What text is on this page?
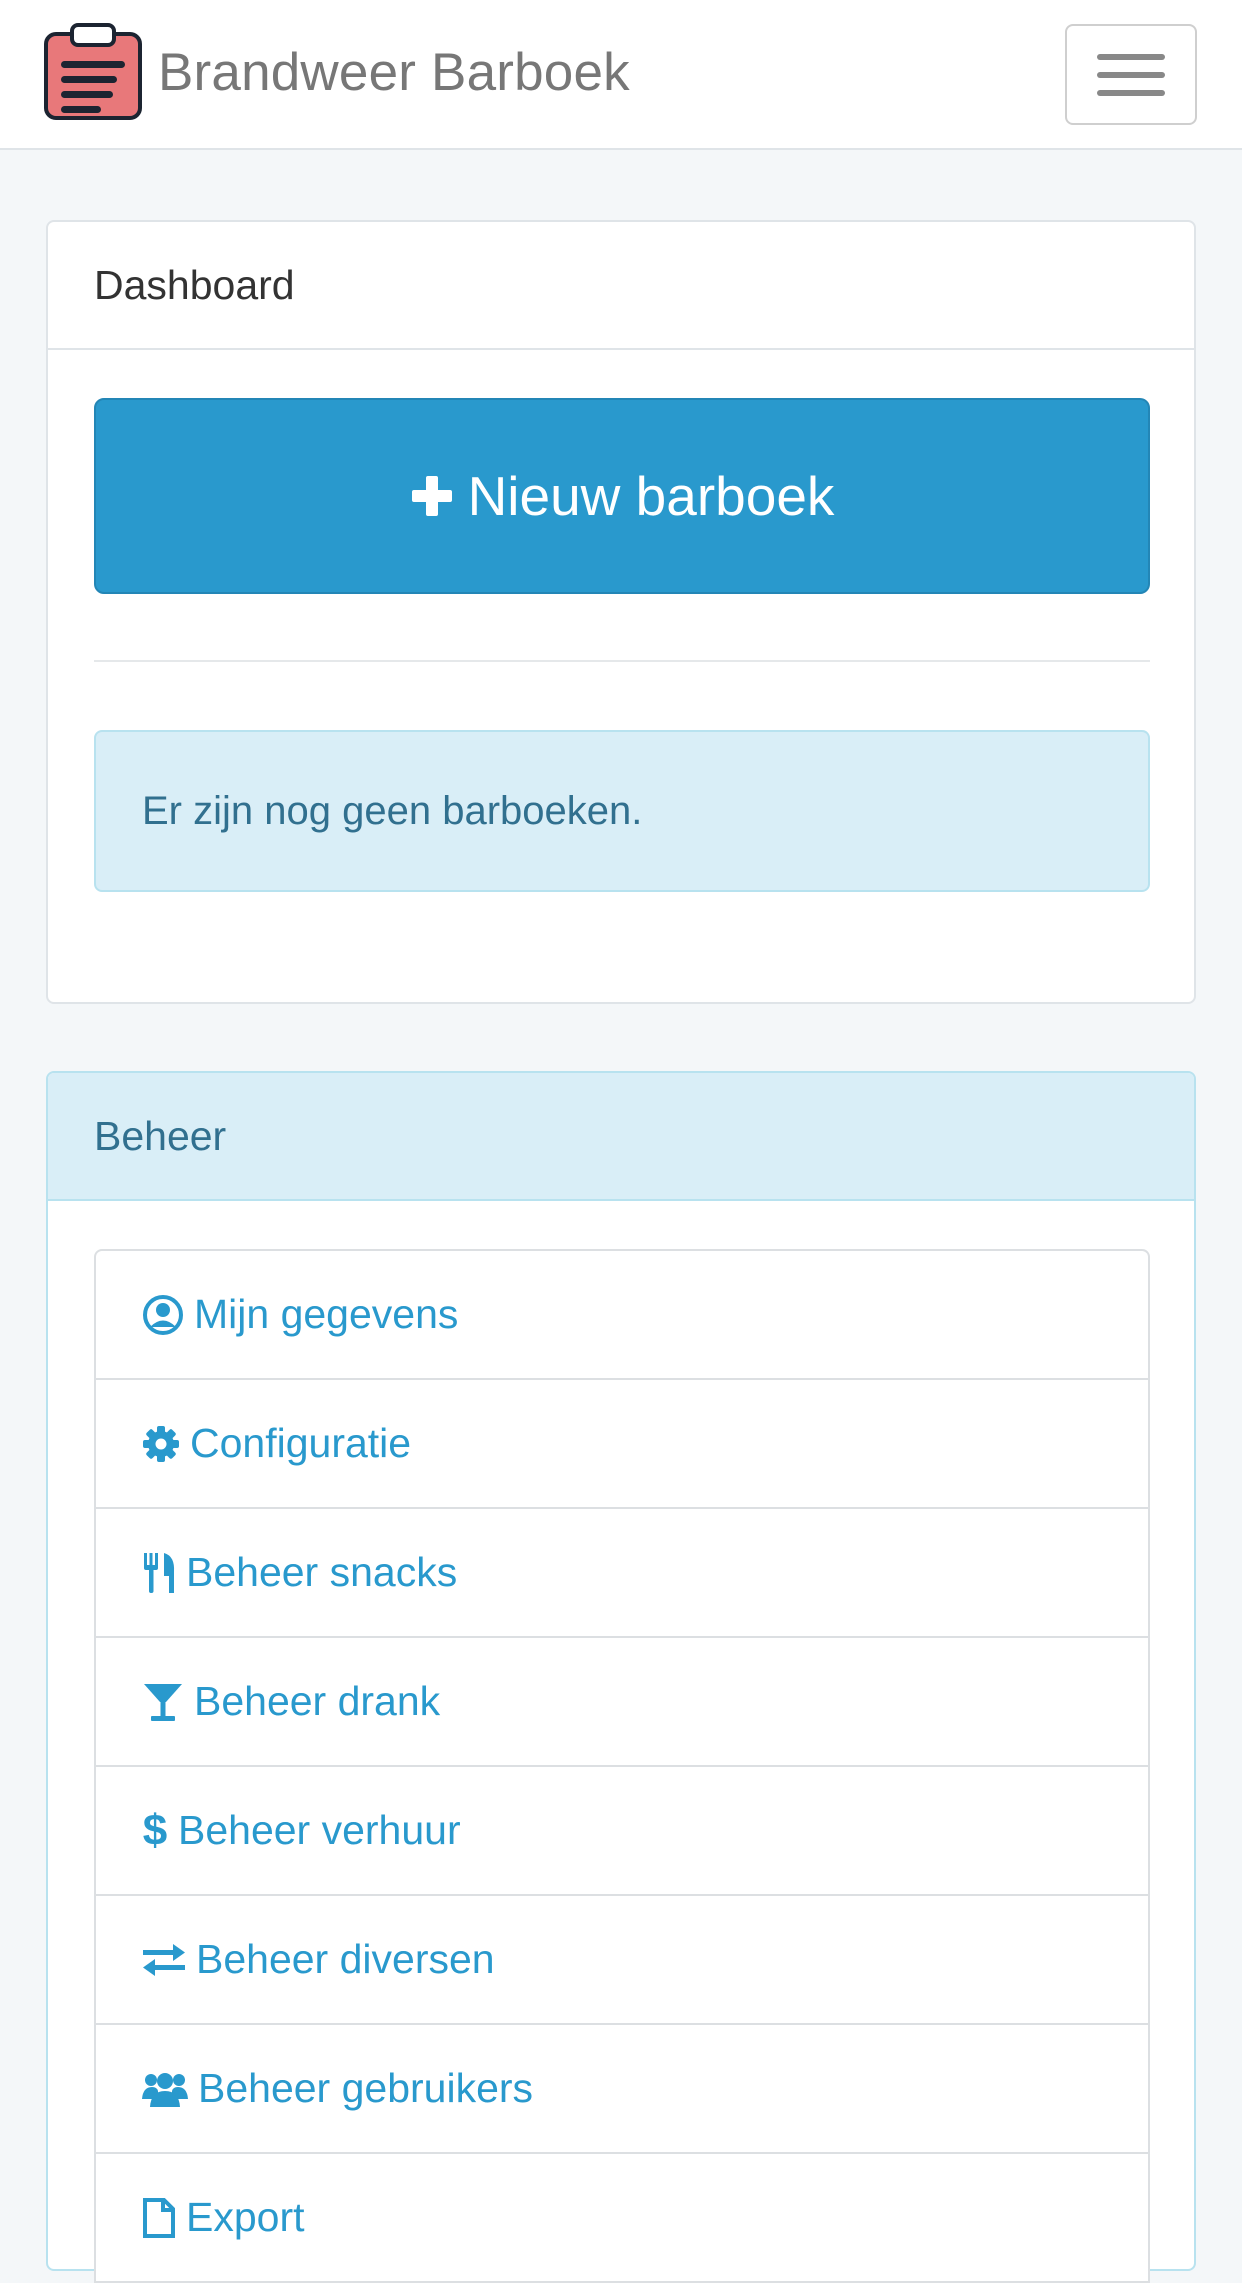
Brandweer Barboek
Dashboard
Nieuw barboek
Er zijn nog geen barboeken.
Beheer
Mijn gegevens
Configuratie
Beheer snacks
Beheer drank
$ Beheer verhuur
Beheer diversen
Beheer gebruikers
Export
